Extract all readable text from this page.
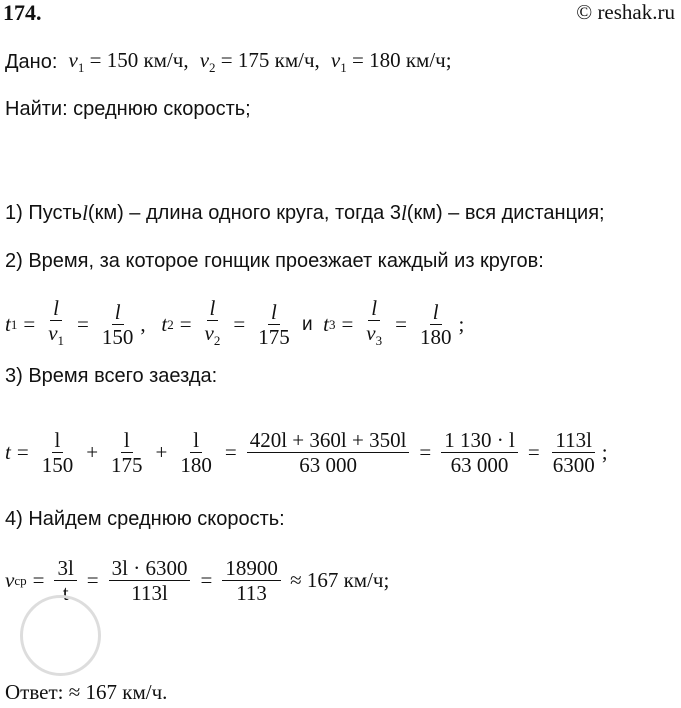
174.	© reshak.ru
Дано:
$v_1 = 150$ км/ч,
$v_2 = 175$ км/ч,
$v_1 = 180$ км/ч;
Найти: среднюю скорость;
1) Пусть l (км) – длина одного круга, тогда 3 l (км) – вся дистанция;
2) Время, за которое гонщик проезжает каждый из кругов:
t $1 = \frac{l}{v_1} = \frac{l}{150}$ ,
t $2 = \frac{l}{v_2} = \frac{l}{175}$
и
t $3 = \frac{l}{v_3} = \frac{l}{180}$ ;
3) Время всего заезда:
$t = \frac{l}{150} + \frac{l}{175} + \frac{l}{180} = \frac{420l + 360l + 350l}{63 000} = \frac{1 130 \cdot l}{63 000} = \frac{113l}{6300}$ ;
4) Найдем среднюю скорость:
v ср = $\frac{3l}{t} = \frac{3l \cdot 6300}{113l} = \frac{18900}{113}$
≈ 167 км/ч;
Ответ: ≈ 167 км/ч.
